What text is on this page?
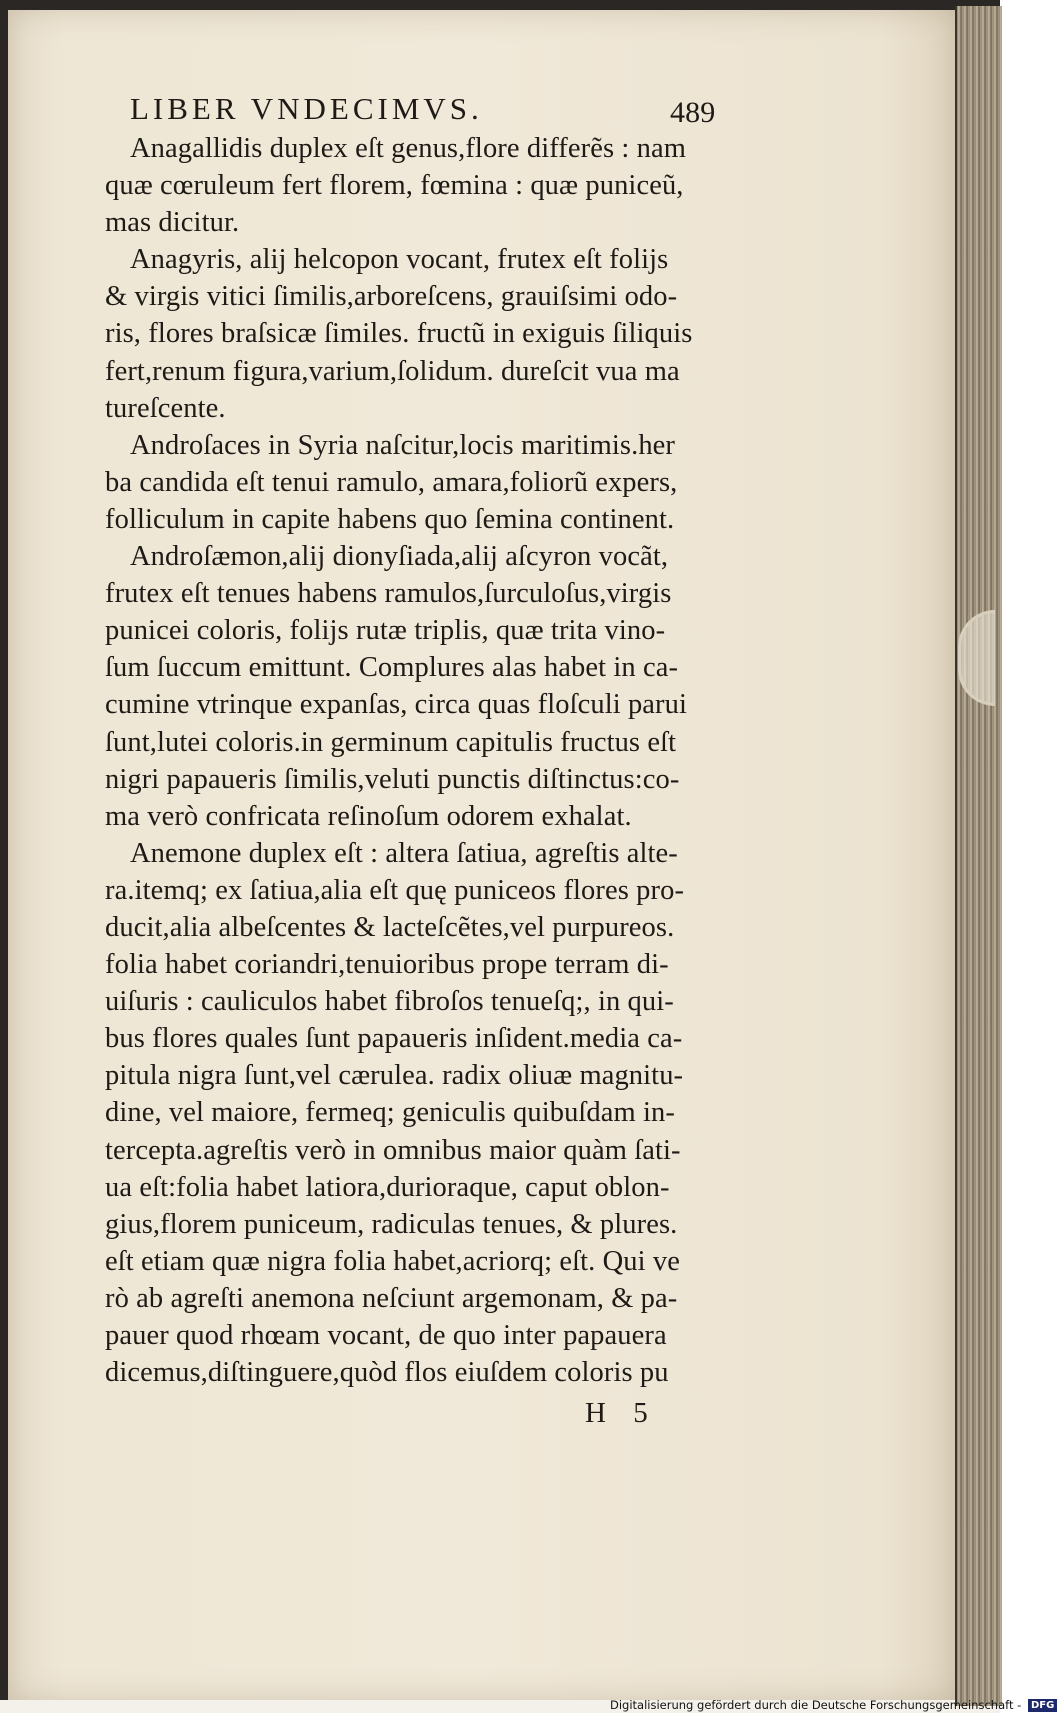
LIBER VNDECIMVS.	489
Anagallidis duplex eſt genus,flore differẽs : nam
quæ cœruleum fert florem, fœmina : quæ puniceũ,
mas dicitur.
Anagyris, alij helcopon vocant, frutex eſt folijs
& virgis vitici ſimilis,arboreſcens, grauiſsimi odo-
ris, flores braſsicæ ſimiles. fructũ in exiguis ſiliquis
fert,renum figura,varium,ſolidum. dureſcit vua ma
tureſcente.
Androſaces in Syria naſcitur,locis maritimis.her
ba candida eſt tenui ramulo, amara,foliorũ expers,
folliculum in capite habens quo ſemina continent.
Androſæmon,alij dionyſiada,alij aſcyron vocãt,
frutex eſt tenues habens ramulos,ſurculoſus,virgis
punicei coloris, folijs rutæ triplis, quæ trita vino-
ſum ſuccum emittunt. Complures alas habet in ca-
cumine vtrinque expanſas, circa quas floſculi parui
ſunt,lutei coloris.in germinum capitulis fructus eſt
nigri papaueris ſimilis,veluti punctis diſtinctus:co-
ma verò confricata reſinoſum odorem exhalat.
Anemone duplex eſt : altera ſatiua, agreſtis alte-
ra.itemq; ex ſatiua,alia eſt quę puniceos flores pro-
ducit,alia albeſcentes & lacteſcẽtes,vel purpureos.
folia habet coriandri,tenuioribus prope terram di-
uiſuris : cauliculos habet fibroſos tenueſq;, in qui-
bus flores quales ſunt papaueris inſident.media ca-
pitula nigra ſunt,vel cærulea. radix oliuæ magnitu-
dine, vel maiore, fermeq; geniculis quibuſdam in-
tercepta.agreſtis verò in omnibus maior quàm ſati-
ua eſt:folia habet latiora,durioraque, caput oblon-
gius,florem puniceum, radiculas tenues, & plures.
eſt etiam quæ nigra folia habet,acriorq; eſt. Qui ve
rò ab agreſti anemona neſciunt argemonam, & pa-
pauer quod rhœam vocant, de quo inter papauera
dicemus,diſtinguere,quòd flos eiuſdem coloris pu
H 5
Digitalisierung gefördert durch die Deutsche Forschungsgemeinschaft - DFG
